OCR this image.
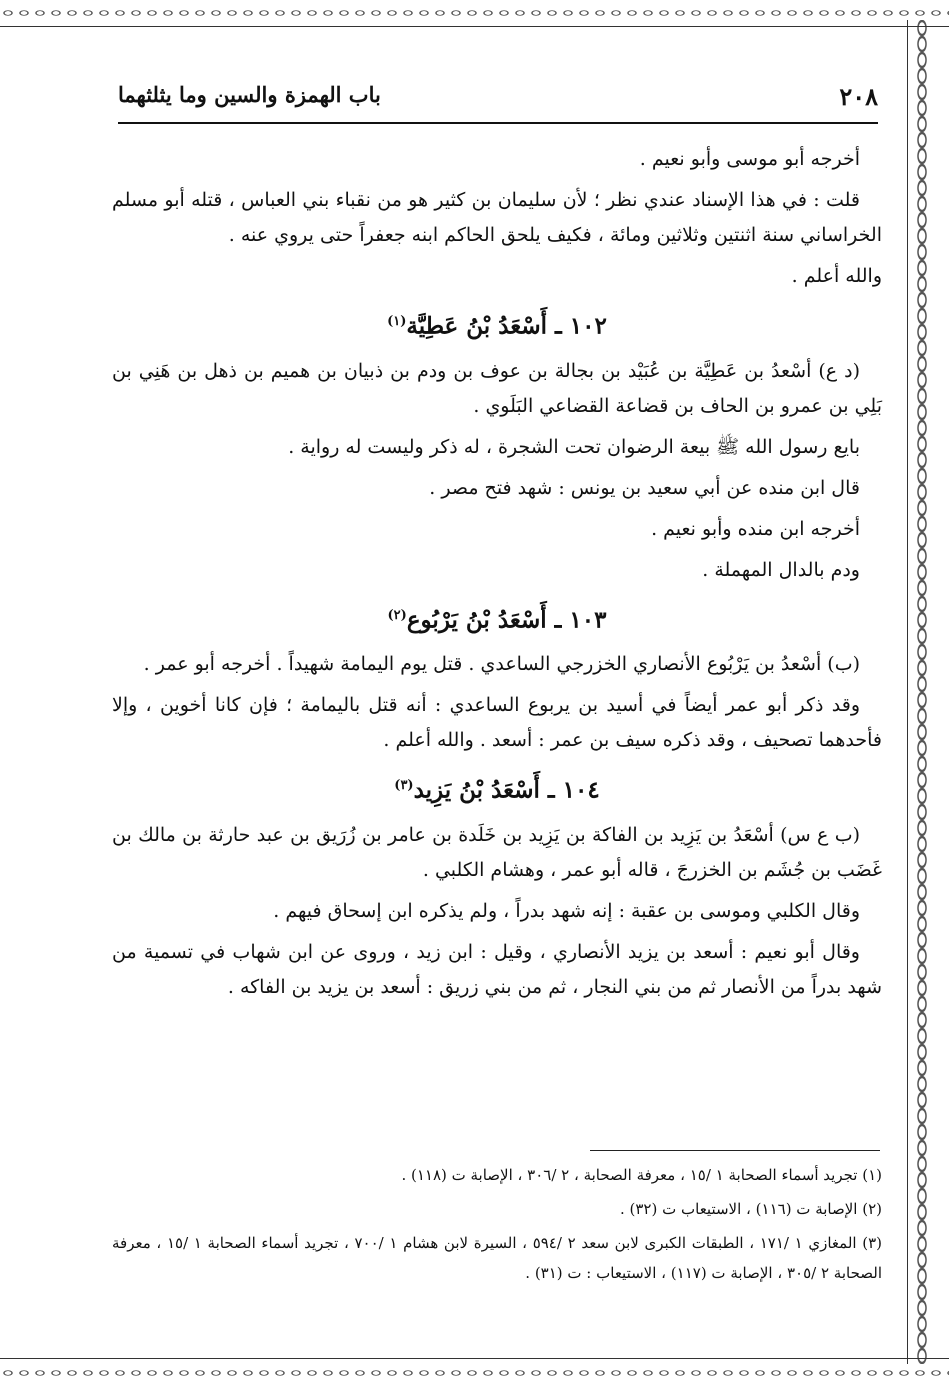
٢٠٨
باب الهمزة والسين وما يثلثهما

أخرجه أبو موسى وأبو نعيم .

قلت : في هذا الإسناد عندي نظر ؛ لأن سليمان بن كثير هو من نقباء بني العباس ، قتله أبو مسلم الخراساني سنة اثنتين وثلاثين ومائة ، فكيف يلحق الحاكم ابنه جعفراً حتى يروي عنه .

والله أعلم .

١٠٢ ـ أَسْعَدُ بْنُ عَطِيَّة$^{(١)}$

(د ع) أسْعدُ بن عَطِيَّة بن عُبَيْد بن بجالة بن عوف بن ودم بن ذبيان بن هميم بن ذهل بن هَنِي بن بَلِي بن عمرو بن الحاف بن قضاعة القضاعي البَلَوي .

بايع رسول الله ﷺ بيعة الرضوان تحت الشجرة ، له ذكر وليست له رواية .

قال ابن منده عن أبي سعيد بن يونس : شهد فتح مصر .

أخرجه ابن منده وأبو نعيم .

ودم بالدال المهملة .

١٠٣ ـ أَسْعَدُ بْنُ يَرْبُوع$^{(٢)}$

(ب) أسْعدُ بن يَرْبُوع الأنصاري الخزرجي الساعدي . قتل يوم اليمامة شهيداً . أخرجه أبو عمر .

وقد ذكر أبو عمر أيضاً في أسيد بن يربوع الساعدي : أنه قتل باليمامة ؛ فإن كانا أخوين ، وإلا فأحدهما تصحيف ، وقد ذكره سيف بن عمر : أسعد . والله أعلم .

١٠٤ ـ أَسْعَدُ بْنُ يَزِيد$^{(٣)}$

(ب ع س) أسْعَدُ بن يَزِيد بن الفاكة بن يَزِيد بن خَلَدة بن عامر بن زُرَيق بن عبد حارثة بن مالك بن غَضَب بن جُشَم بن الخزرجَ ، قاله أبو عمر ، وهشام الكلبي .

وقال الكلبي وموسى بن عقبة : إنه شهد بدراً ، ولم يذكره ابن إسحاق فيهم .

وقال أبو نعيم : أسعد بن يزيد الأنصاري ، وقيل : ابن زيد ، وروى عن ابن شهاب في تسمية من شهد بدراً من الأنصار ثم من بني النجار ، ثم من بني زريق : أسعد بن يزيد بن الفاكه .

(١) تجريد أسماء الصحابة ١ /١٥ ، معرفة الصحابة ، ٢ /٣٠٦ ، الإصابة ت (١١٨) .

(٢) الإصابة ت (١١٦) ، الاستيعاب ت (٣٢) .

(٣) المغازي ١ /١٧١ ، الطبقات الكبرى لابن سعد ٢ /٥٩٤ ، السيرة لابن هشام ١ /٧٠٠ ، تجريد أسماء الصحابة ١ /١٥ ، معرفة الصحابة ٢ /٣٠٥ ، الإصابة ت (١١٧) ، الاستيعاب : ت (٣١) .
